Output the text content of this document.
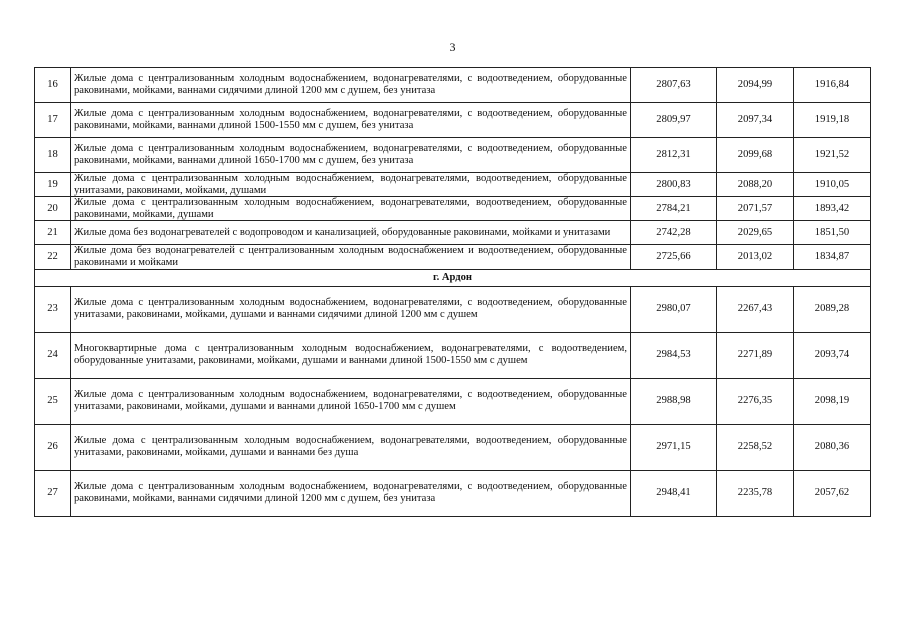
3
16	Жилые дома с централизованным холодным водоснабжением, водонагревателями, с водоотведением, оборудованные раковинами, мойками, ваннами сидячими длиной 1200 мм с душем, без унитаза	2807,63	2094,99	1916,84
17	Жилые дома с централизованным холодным водоснабжением, водонагревателями, с водоотведением, оборудованные раковинами, мойками, ваннами длиной 1500-1550 мм с душем, без унитаза	2809,97	2097,34	1919,18
18	Жилые дома с централизованным холодным водоснабжением, водонагревателями, с водоотведением, оборудованные раковинами, мойками, ваннами длиной 1650-1700 мм с душем, без унитаза	2812,31	2099,68	1921,52
19	Жилые дома с централизованным холодным водоснабжением, водонагревателями, водоотведением, оборудованные унитазами, раковинами, мойками, душами	2800,83	2088,20	1910,05
20	Жилые дома с централизованным холодным водоснабжением, водонагревателями, водоотведением, оборудованные раковинами, мойками, душами	2784,21	2071,57	1893,42
21	Жилые дома без водонагревателей с водопроводом и канализацией, оборудованные раковинами, мойками и унитазами	2742,28	2029,65	1851,50
22	Жилые дома без водонагревателей с централизованным холодным водоснабжением и водоотведением, оборудованные раковинами и мойками	2725,66	2013,02	1834,87
г. Ардон				
23	Жилые дома с централизованным холодным водоснабжением, водонагревателями, с водоотведением, оборудованные унитазами, раковинами, мойками, душами и ваннами сидячими длиной 1200 мм с душем	2980,07	2267,43	2089,28
24	Многоквартирные дома с централизованным холодным водоснабжением, водонагревателями, с водоотведением, оборудованные унитазами, раковинами, мойками, душами и ваннами длиной 1500-1550 мм с душем	2984,53	2271,89	2093,74
25	Жилые дома с централизованным холодным водоснабжением, водонагревателями, с водоотведением, оборудованные унитазами, раковинами, мойками, душами и ваннами длиной 1650-1700 мм с душем	2988,98	2276,35	2098,19
26	Жилые дома с централизованным холодным водоснабжением, водонагревателями, водоотведением, оборудованные унитазами, раковинами, мойками, душами и ваннами без душа	2971,15	2258,52	2080,36
27	Жилые дома с централизованным холодным водоснабжением, водонагревателями, с водоотведением, оборудованные раковинами, мойками, ваннами сидячими длиной 1200 мм с душем, без унитаза	2948,41	2235,78	2057,62
